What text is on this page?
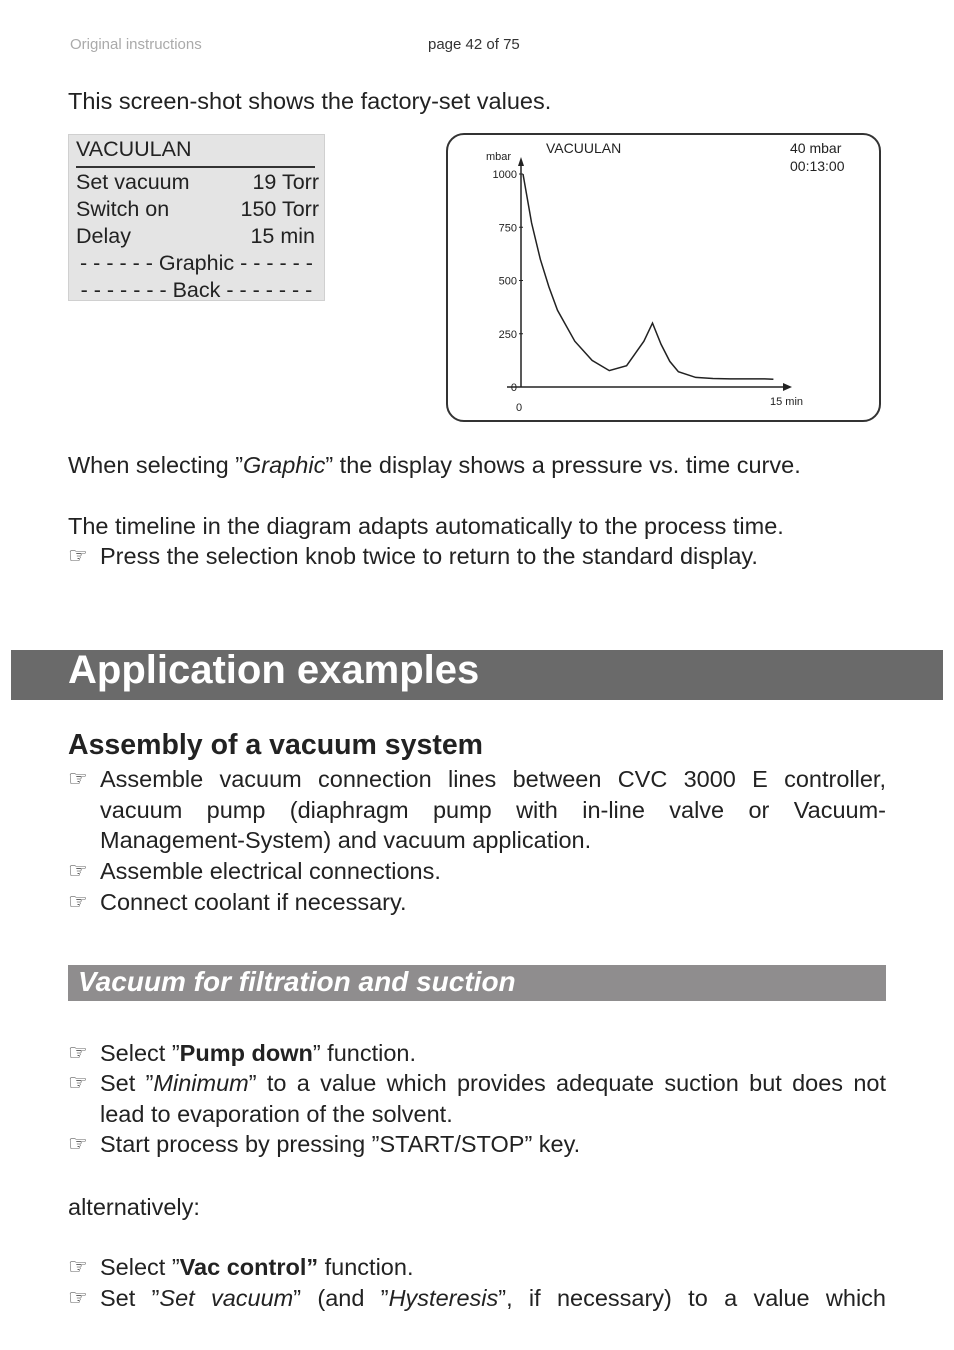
Original instructions	page 42 of 75
This screen-shot shows the factory-set values.
VACUULAN
Set vacuum	19 Torr
Switch on	150 Torr
Delay	15 min
- - - - - - Graphic - - - - - -
- - - - - - - Back - - - - - - -
VACUULAN	40 mbar
00:13:00
mbar
1000
750
500
250
0
0	15 min
When selecting ”Graphic” the display shows a pressure vs. time curve.
The timeline in the diagram adapts automatically to the process time.
☞ Press the selection knob twice to return to the standard display.
Application examples
Assembly of a vacuum system
☞ Assemble vacuum connection lines between CVC 3000 E controller, vacuum pump (diaphragm pump with in-line valve or Vacuum-Management-System) and vacuum application.
☞ Assemble electrical connections.
☞ Connect coolant if necessary.
Vacuum for filtration and suction
☞ Select ”Pump down” function.
☞ Set ”Minimum” to a value which provides adequate suction but does not lead to evaporation of the solvent.
☞ Start process by pressing ”START/STOP” key.
alternatively:
☞ Select ”Vac control” function.
☞ Set ”Set vacuum” (and ”Hysteresis”, if necessary) to a value which
